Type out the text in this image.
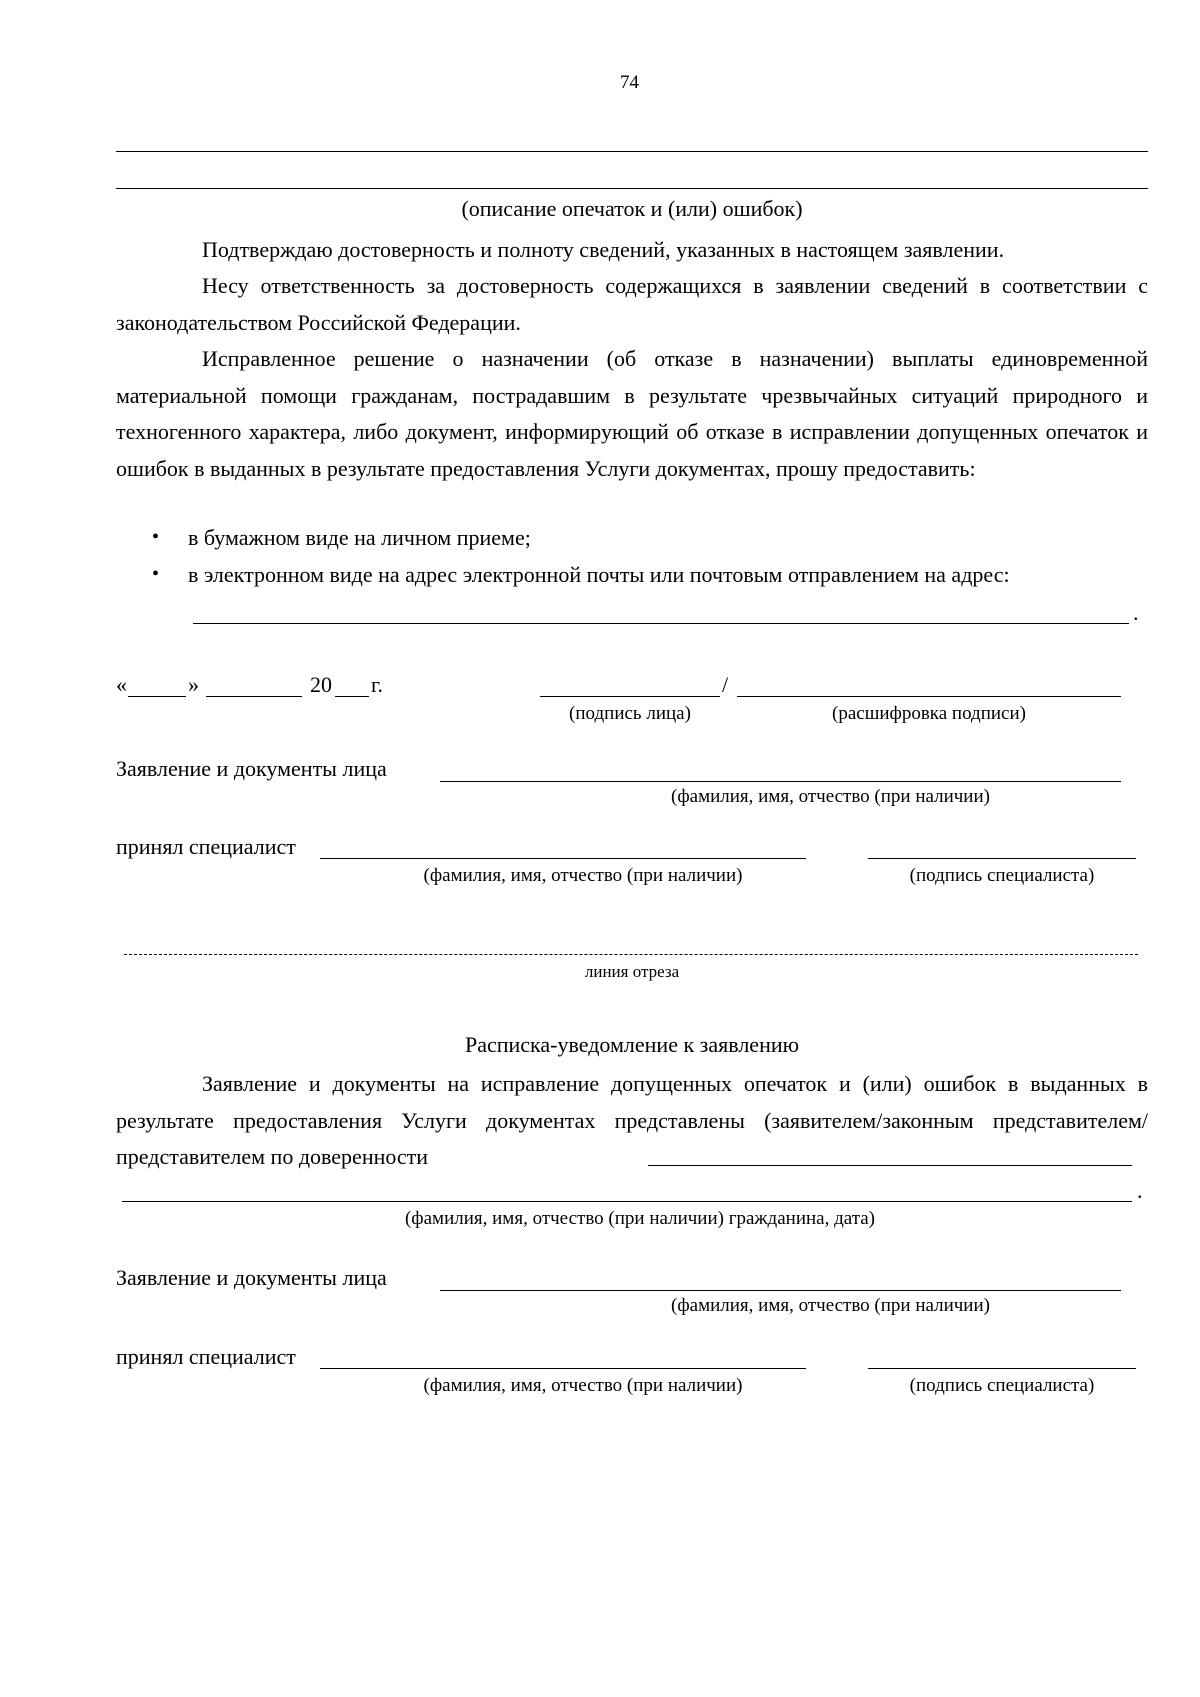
74
(описание опечаток и (или) ошибок)
Подтверждаю достоверность и полноту сведений, указанных в настоящем заявлении.
Несу ответственность за достоверность содержащихся в заявлении сведений в соответствии с законодательством Российской Федерации.
Исправленное решение о назначении (об отказе в назначении) выплаты единовременной материальной помощи гражданам, пострадавшим в результате чрезвычайных ситуаций природного и техногенного характера, либо документ, информирующий об отказе в исправлении допущенных опечаток и ошибок в выданных в результате предоставления Услуги документах, прошу предоставить:
• в бумажном виде на личном приеме;
• в электронном виде на адрес электронной почты или почтовым отправлением на адрес:
.
«	»	20 г.	/
(подпись лица)	(расшифровка подписи)
Заявление и документы лица
(фамилия, имя, отчество (при наличии)
принял специалист
(фамилия, имя, отчество (при наличии)	(подпись специалиста)
линия отреза
Расписка-уведомление к заявлению
Заявление и документы на исправление допущенных опечаток и (или) ошибок в выданных в результате предоставления Услуги документах представлены (заявителем/законным представителем/представителем по доверенности
.
(фамилия, имя, отчество (при наличии) гражданина, дата)
Заявление и документы лица
(фамилия, имя, отчество (при наличии)
принял специалист
(фамилия, имя, отчество (при наличии)	(подпись специалиста)
